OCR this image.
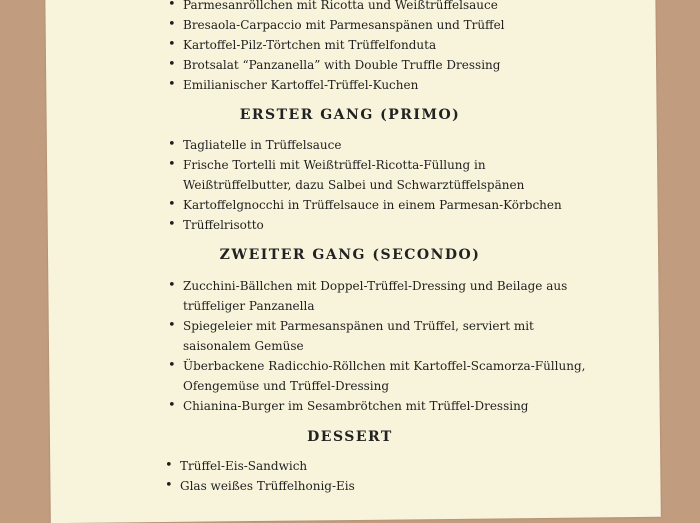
• Parmesanröllchen mit Ricotta und Weißtrüffelsauce
• Bresaola-Carpaccio mit Parmesanspänen und Trüffel
• Kartoffel-Pilz-Törtchen mit Trüffelfonduta
• Brotsalat “Panzanella” with Double Truffle Dressing
• Emilianischer Kartoffel-Trüffel-Kuchen
ERSTER GANG (PRIMO)
• Tagliatelle in Trüffelsauce
• Frische Tortelli mit Weißtrüffel-Ricotta-Füllung in
Weißtrüffelbutter, dazu Salbei und Schwarztüffelspänen
• Kartoffelgnocchi in Trüffelsauce in einem Parmesan-Körbchen
• Trüffelrisotto
ZWEITER GANG (SECONDO)
• Zucchini-Bällchen mit Doppel-Trüffel-Dressing und Beilage aus
trüffeliger Panzanella
• Spiegeleier mit Parmesanspänen und Trüffel, serviert mit
saisonalem Gemüse
• Überbackene Radicchio-Röllchen mit Kartoffel-Scamorza-Füllung,
Ofengemüse und Trüffel-Dressing
• Chianina-Burger im Sesambrötchen mit Trüffel-Dressing
DESSERT
• Trüffel-Eis-Sandwich
• Glas weißes Trüffelhonig-Eis
